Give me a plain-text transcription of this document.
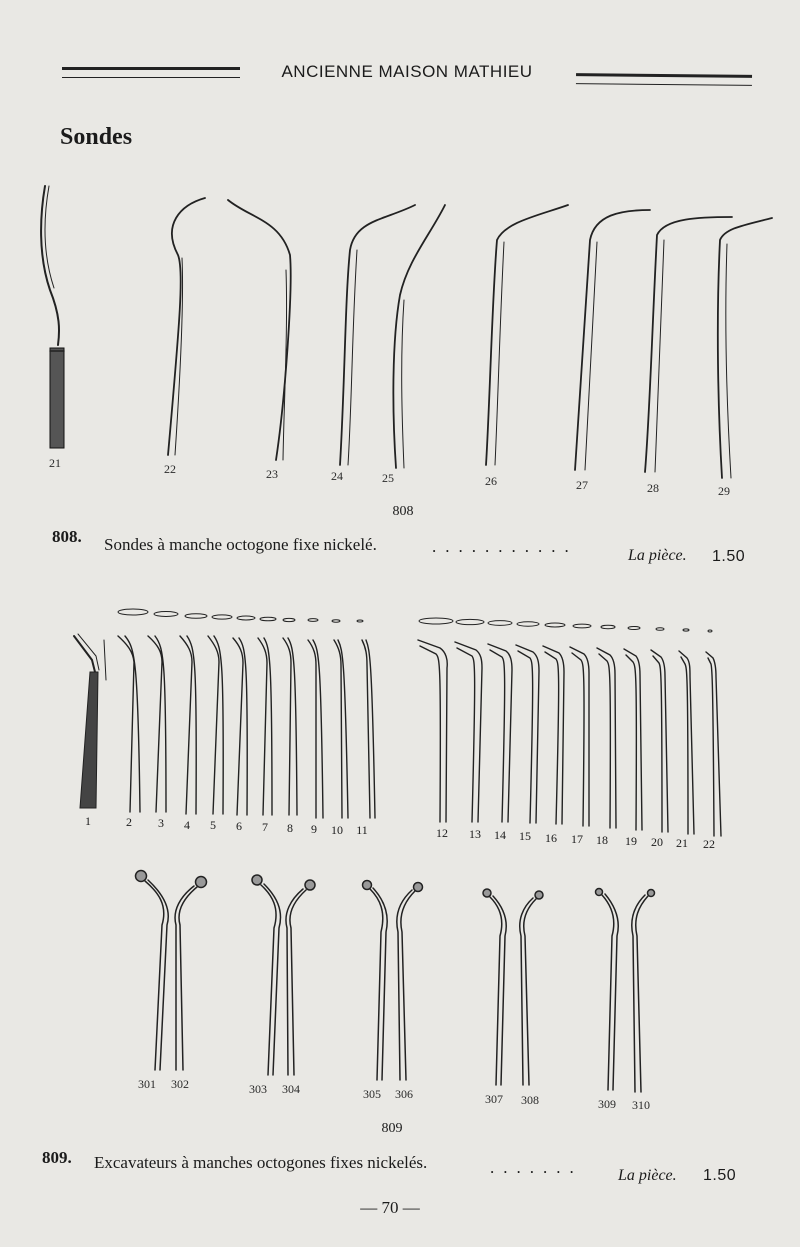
ANCIENNE MAISON MATHIEU
Sondes
21	22	23	24	25	26	27	28	29
808
808. Sondes à manche octogone fixe nickelé.	...........	La pièce. 1.50
1	2	3	4	5	6	7	8	9	10	11	12	13	14	15	16	17	18	19	20	21	22
301	302	303	304	305	306	307	308	309	310
809
809. Excavateurs à manches octogones fixes nickelés.	....... La pièce. 1.50
— 70 —
